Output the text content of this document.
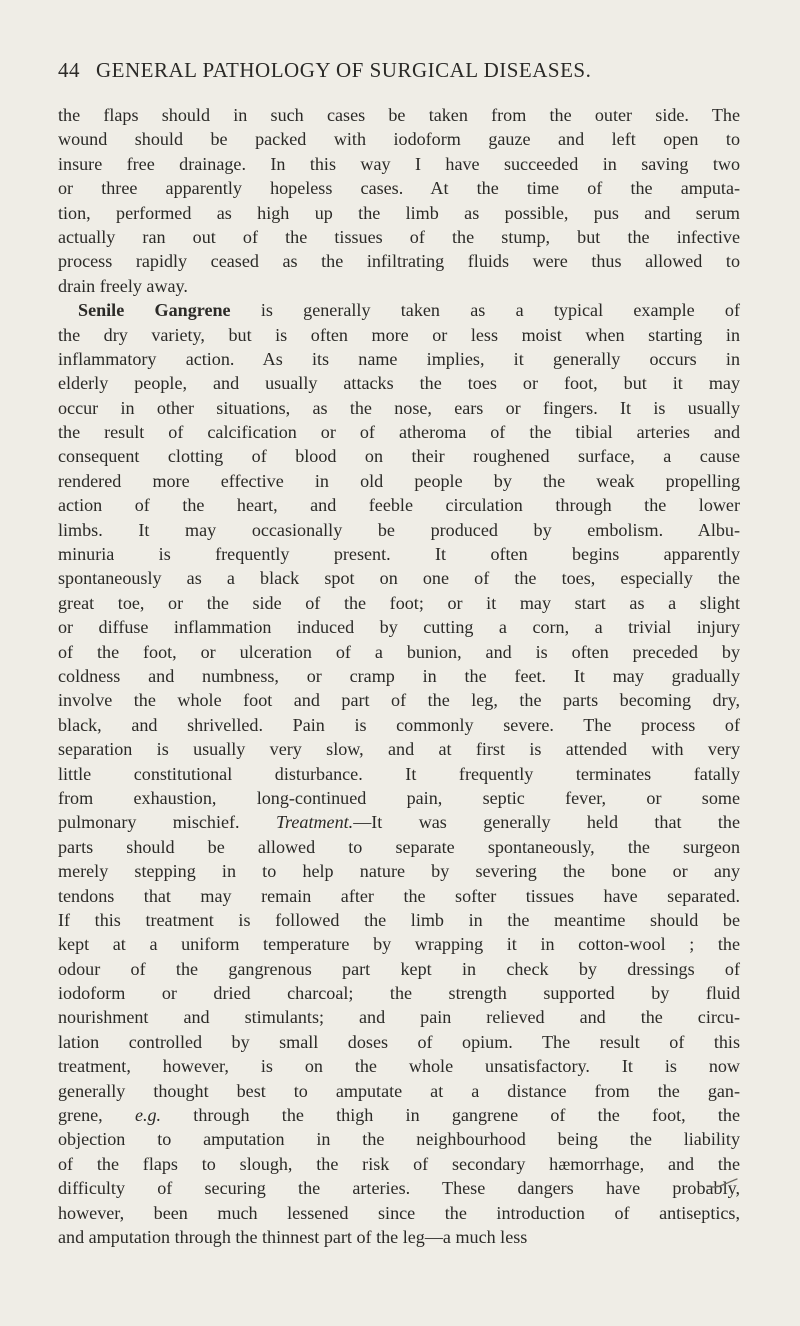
44 GENERAL PATHOLOGY OF SURGICAL DISEASES.
the flaps should in such cases be taken from the outer side. The
wound should be packed with iodoform gauze and left open to
insure free drainage. In this way I have succeeded in saving two
or three apparently hopeless cases. At the time of the amputa-
tion, performed as high up the limb as possible, pus and serum
actually ran out of the tissues of the stump, but the infective
process rapidly ceased as the infiltrating fluids were thus allowed to
drain freely away.
Senile Gangrene is generally taken as a typical example of
the dry variety, but is often more or less moist when starting in
inflammatory action. As its name implies, it generally occurs in
elderly people, and usually attacks the toes or foot, but it may
occur in other situations, as the nose, ears or fingers. It is usually
the result of calcification or of atheroma of the tibial arteries and
consequent clotting of blood on their roughened surface, a cause
rendered more effective in old people by the weak propelling
action of the heart, and feeble circulation through the lower
limbs. It may occasionally be produced by embolism. Albu-
minuria is frequently present. It often begins apparently
spontaneously as a black spot on one of the toes, especially the
great toe, or the side of the foot; or it may start as a slight
or diffuse inflammation induced by cutting a corn, a trivial injury
of the foot, or ulceration of a bunion, and is often preceded by
coldness and numbness, or cramp in the feet. It may gradually
involve the whole foot and part of the leg, the parts becoming dry,
black, and shrivelled. Pain is commonly severe. The process of
separation is usually very slow, and at first is attended with very
little constitutional disturbance. It frequently terminates fatally
from exhaustion, long-continued pain, septic fever, or some
pulmonary mischief. Treatment.—It was generally held that the
parts should be allowed to separate spontaneously, the surgeon
merely stepping in to help nature by severing the bone or any
tendons that may remain after the softer tissues have separated.
If this treatment is followed the limb in the meantime should be
kept at a uniform temperature by wrapping it in cotton-wool ; the
odour of the gangrenous part kept in check by dressings of
iodoform or dried charcoal; the strength supported by fluid
nourishment and stimulants; and pain relieved and the circu-
lation controlled by small doses of opium. The result of this
treatment, however, is on the whole unsatisfactory. It is now
generally thought best to amputate at a distance from the gan-
grene, e.g. through the thigh in gangrene of the foot, the
objection to amputation in the neighbourhood being the liability
of the flaps to slough, the risk of secondary hæmorrhage, and the
difficulty of securing the arteries. These dangers have probably,
however, been much lessened since the introduction of antiseptics,
and amputation through the thinnest part of the leg—a much less
